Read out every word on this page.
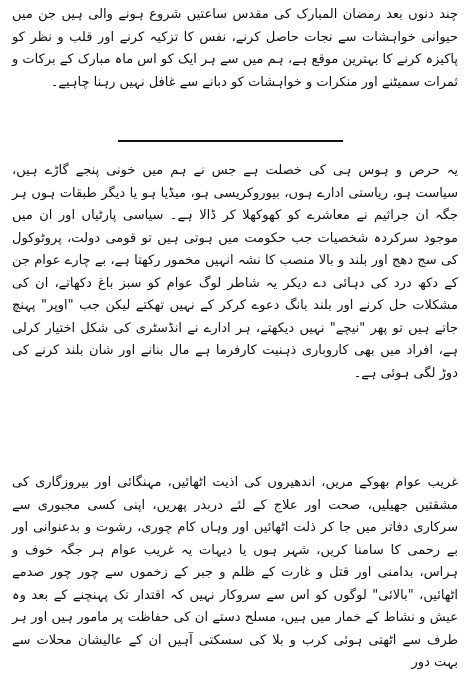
چند دنوں بعد رمضان المبارک کی مقدس ساعتیں شروع ہونے والی ہیں جن میں حیوانی خواہشات سے نجات حاصل کرنے، نفس کا تزکیہ کرنے اور قلب و نظر کو پاکیزہ کرنے کا بہترین موقع ہے، ہم میں سے ہر ایک کو اس ماہ مبارک کے برکات و ثمرات سمیٹنے اور منکرات و خواہشات کو دبانے سے غافل نہیں رہنا چاہیے۔

یہ حرص و ہوس ہی کی خصلت ہے جس نے ہم میں خونی پنجے گاڑے ہیں، سیاست ہو، ریاستی ادارے ہوں، بیوروکریسی ہو، میڈیا ہو یا دیگر طبقات ہوں ہر جگہ ان جراثیم نے معاشرے کو کھوکھلا کر ڈالا ہے۔ سیاسی پارٹیاں اور ان میں موجود سرکردہ شخصیات جب حکومت میں ہوتی ہیں تو قومی دولت، پروٹوکول کی سج دھج اور بلند و بالا منصب کا نشہ انہیں مخمور رکھتا ہے، بے چارے عوام جن کے دکھ درد کی دہائی دے دیکر یہ شاطر لوگ عوام کو سبز باغ دکھاتے، ان کی مشکلات حل کرنے اور بلند بانگ دعوے کرکر کے نہیں تھکتے لیکن جب "اوپر" پہنچ جاتے ہیں تو پھر "نیچے" نہیں دیکھتے، ہر ادارے نے انڈسٹری کی شکل اختیار کرلی ہے، افراد میں بھی کاروباری ذہنیت کارفرما ہے مال بنانے اور شان بلند کرنے کی دوڑ لگی ہوئی ہے۔

غریب عوام بھوکے مریں، اندھیروں کی اذیت اٹھائیں، مہنگائی اور بیروزگاری کی مشقتیں جھیلیں، صحت اور علاج کے لئے دربدر پھریں، اپنی کسی مجبوری سے سرکاری دفاتر میں جا کر ذلت اٹھائیں اور وہاں کام چوری، رشوت و بدعنوانی اور بے رحمی کا سامنا کریں، شہر ہوں یا دیہات یہ غریب عوام ہر جگہ خوف و ہراس، بدامنی اور قتل و غارت کے ظلم و جبر کے زخموں سے چور چور صدمے اٹھائیں، "بالائی" لوگوں کو اس سے سروکار نہیں کہ اقتدار تک پہنچنے کے بعد وہ عیش و نشاط کے خمار میں ہیں، مسلح دستے ان کی حفاظت پر مامور ہیں اور ہر طرف سے اٹھتی ہوئی کرب و بلا کی سسکتی آہیں ان کے عالیشان محلات سے بہت دور
